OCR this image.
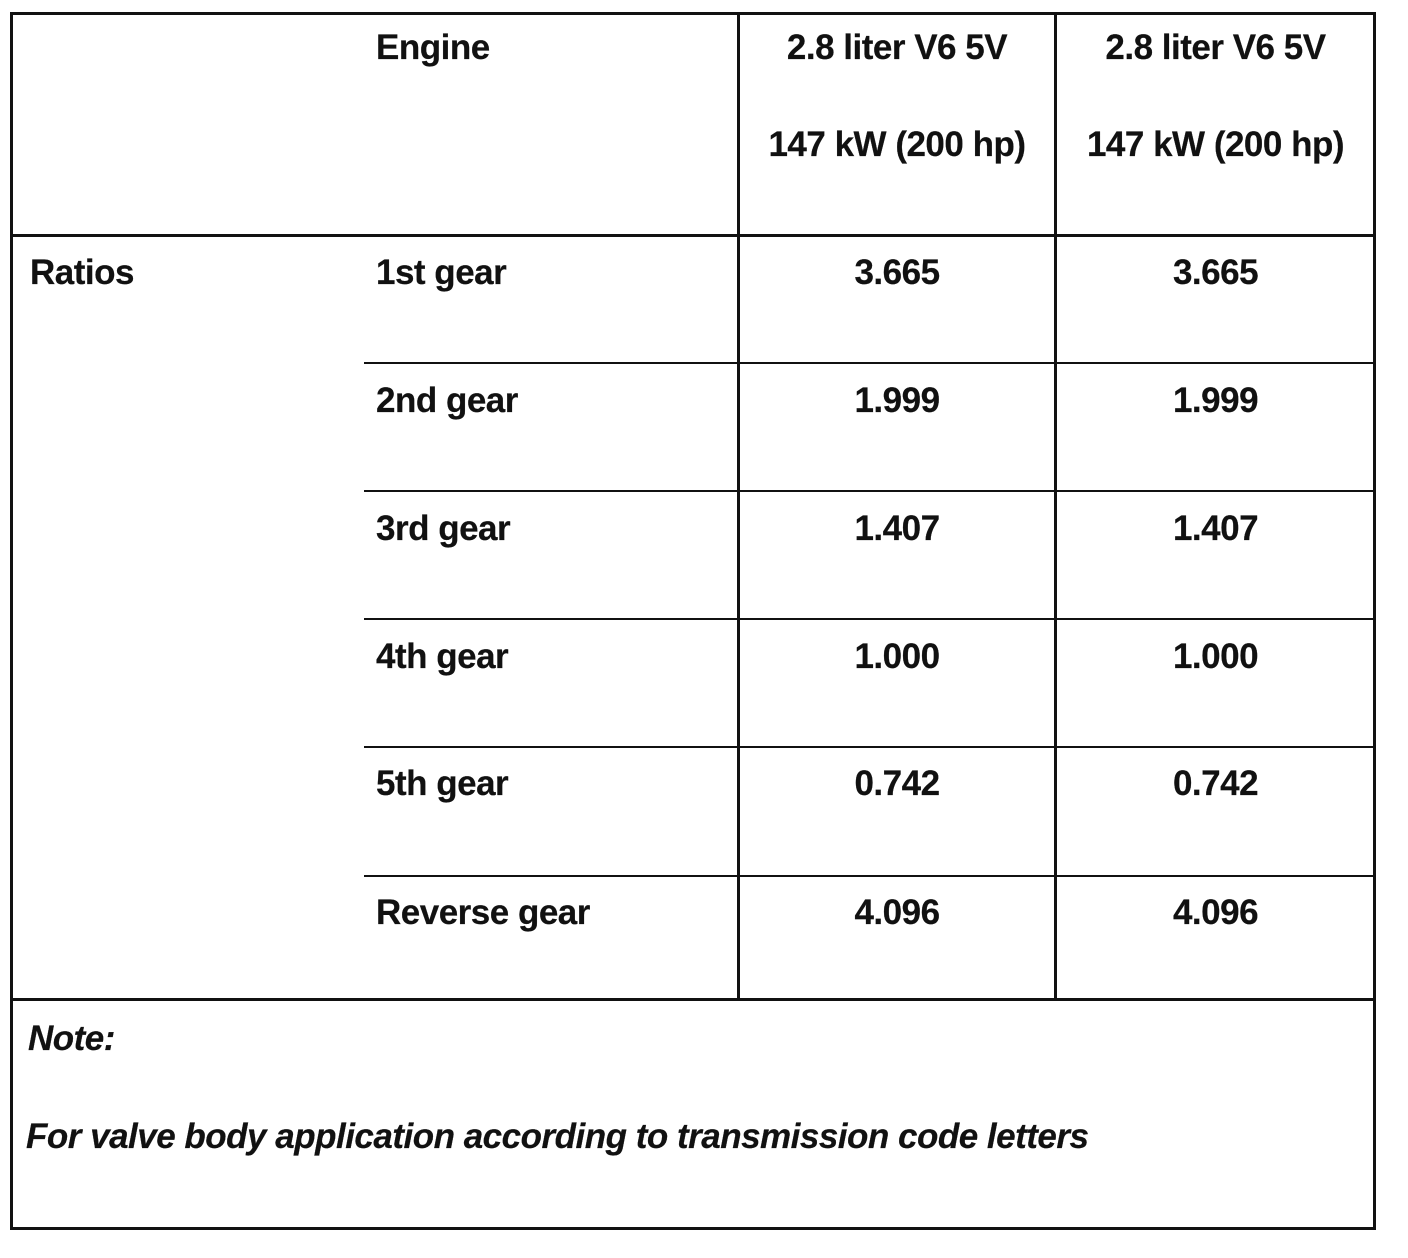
Engine	2.8 liter V6 5V
147 kW (200 hp)
2.8 liter V6 5V
147 kW (200 hp)
Ratios	1st gear	3.665	3.665
2nd gear	1.999	1.999
3rd gear	1.407	1.407
4th gear	1.000	1.000
5th gear	0.742	0.742
Reverse gear	4.096	4.096
Note:
For valve body application according to transmission code letters
